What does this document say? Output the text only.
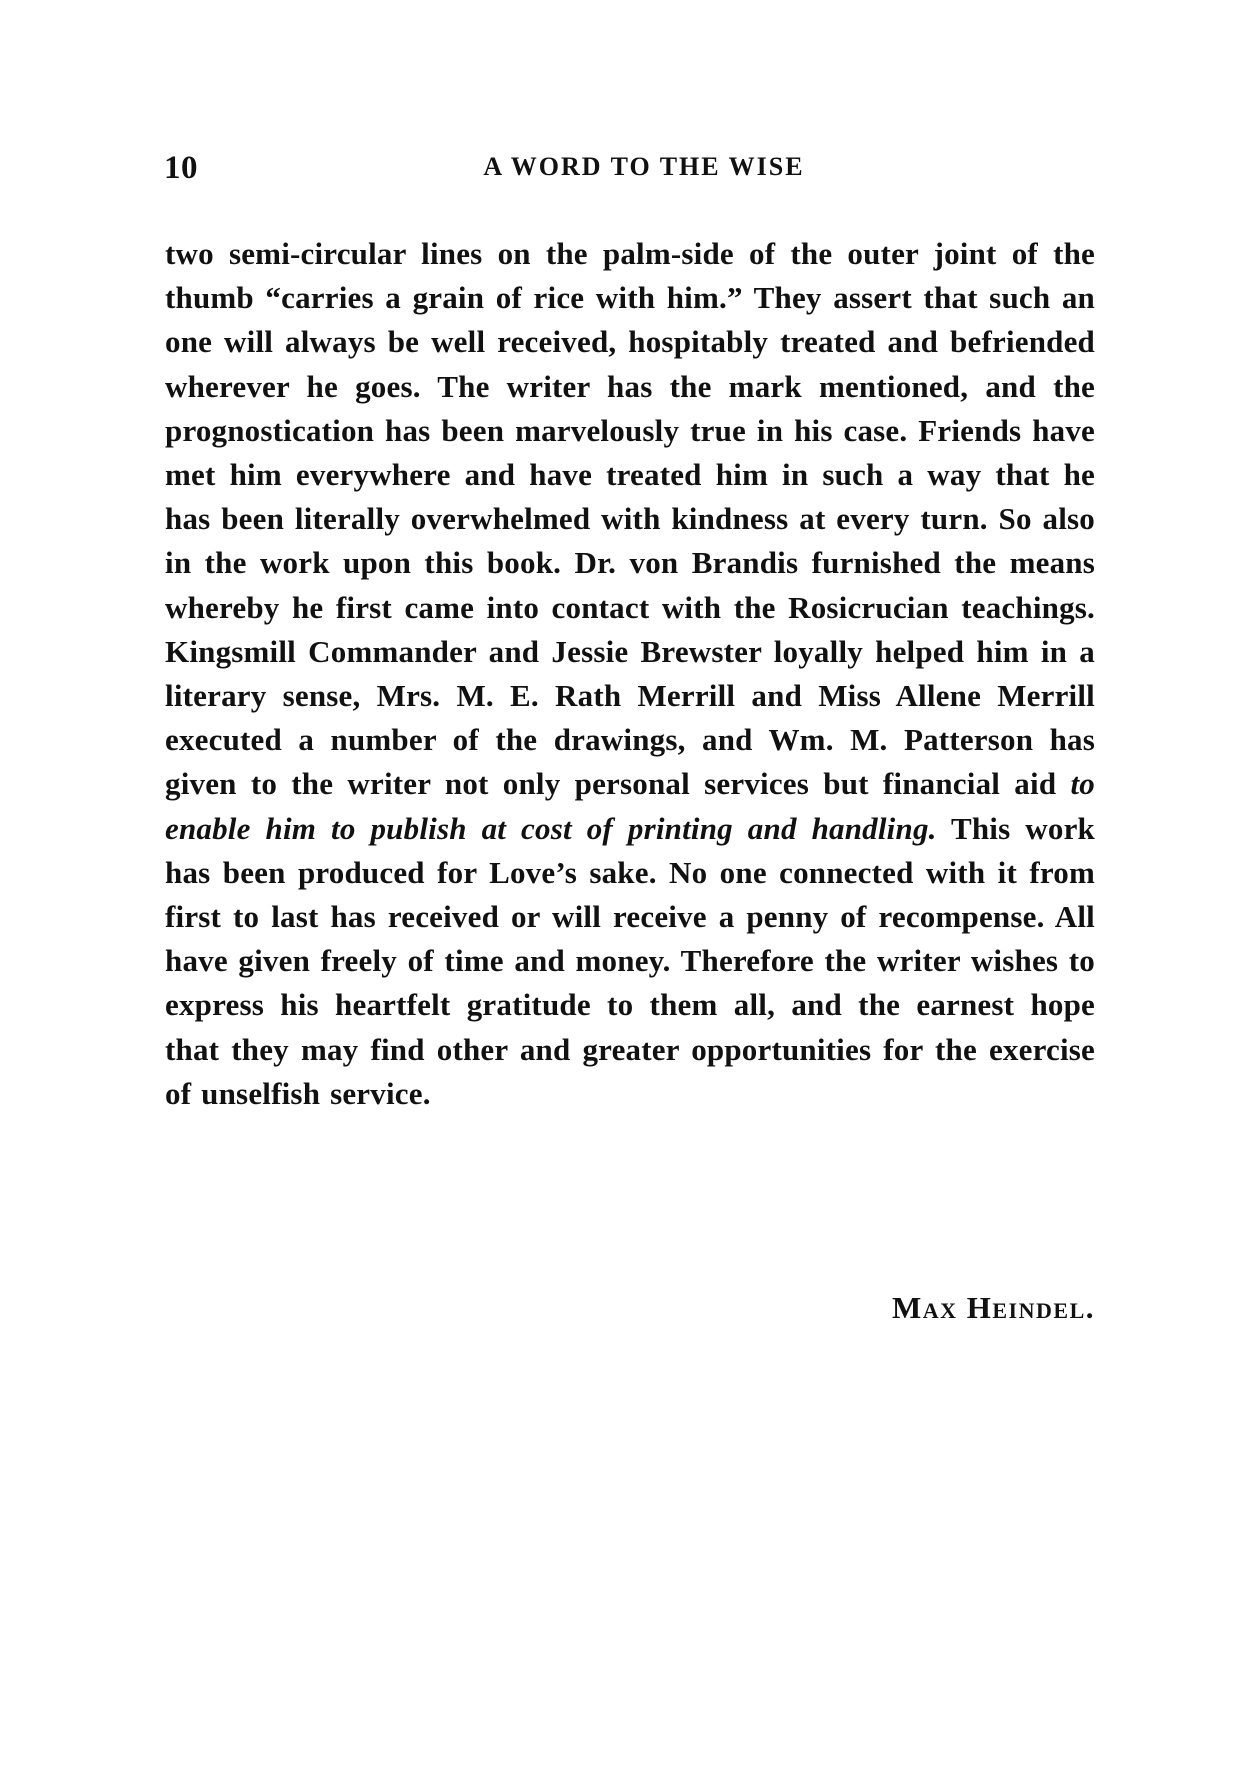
10	A WORD TO THE WISE

two semi-circular lines on the palm-side of the outer joint of the thumb “carries a grain of rice with him.” They assert that such an one will always be well received, hospitably treated and befriended wherever he goes. The writer has the mark mentioned, and the prognostication has been marvelously true in his case. Friends have met him everywhere and have treated him in such a way that he has been literally overwhelmed with kindness at every turn. So also in the work upon this book. Dr. von Brandis furnished the means whereby he first came into contact with the Rosicrucian teachings. Kingsmill Commander and Jessie Brewster loyally helped him in a literary sense, Mrs. M. E. Rath Merrill and Miss Allene Merrill executed a number of the drawings, and Wm. M. Patterson has given to the writer not only personal services but financial aid to enable him to publish at cost of printing and handling. This work has been produced for Love’s sake. No one connected with it from first to last has received or will receive a penny of recompense. All have given freely of time and money. Therefore the writer wishes to express his heartfelt gratitude to them all, and the earnest hope that they may find other and greater opportunities for the exercise of unselfish service.

Max Heindel.
